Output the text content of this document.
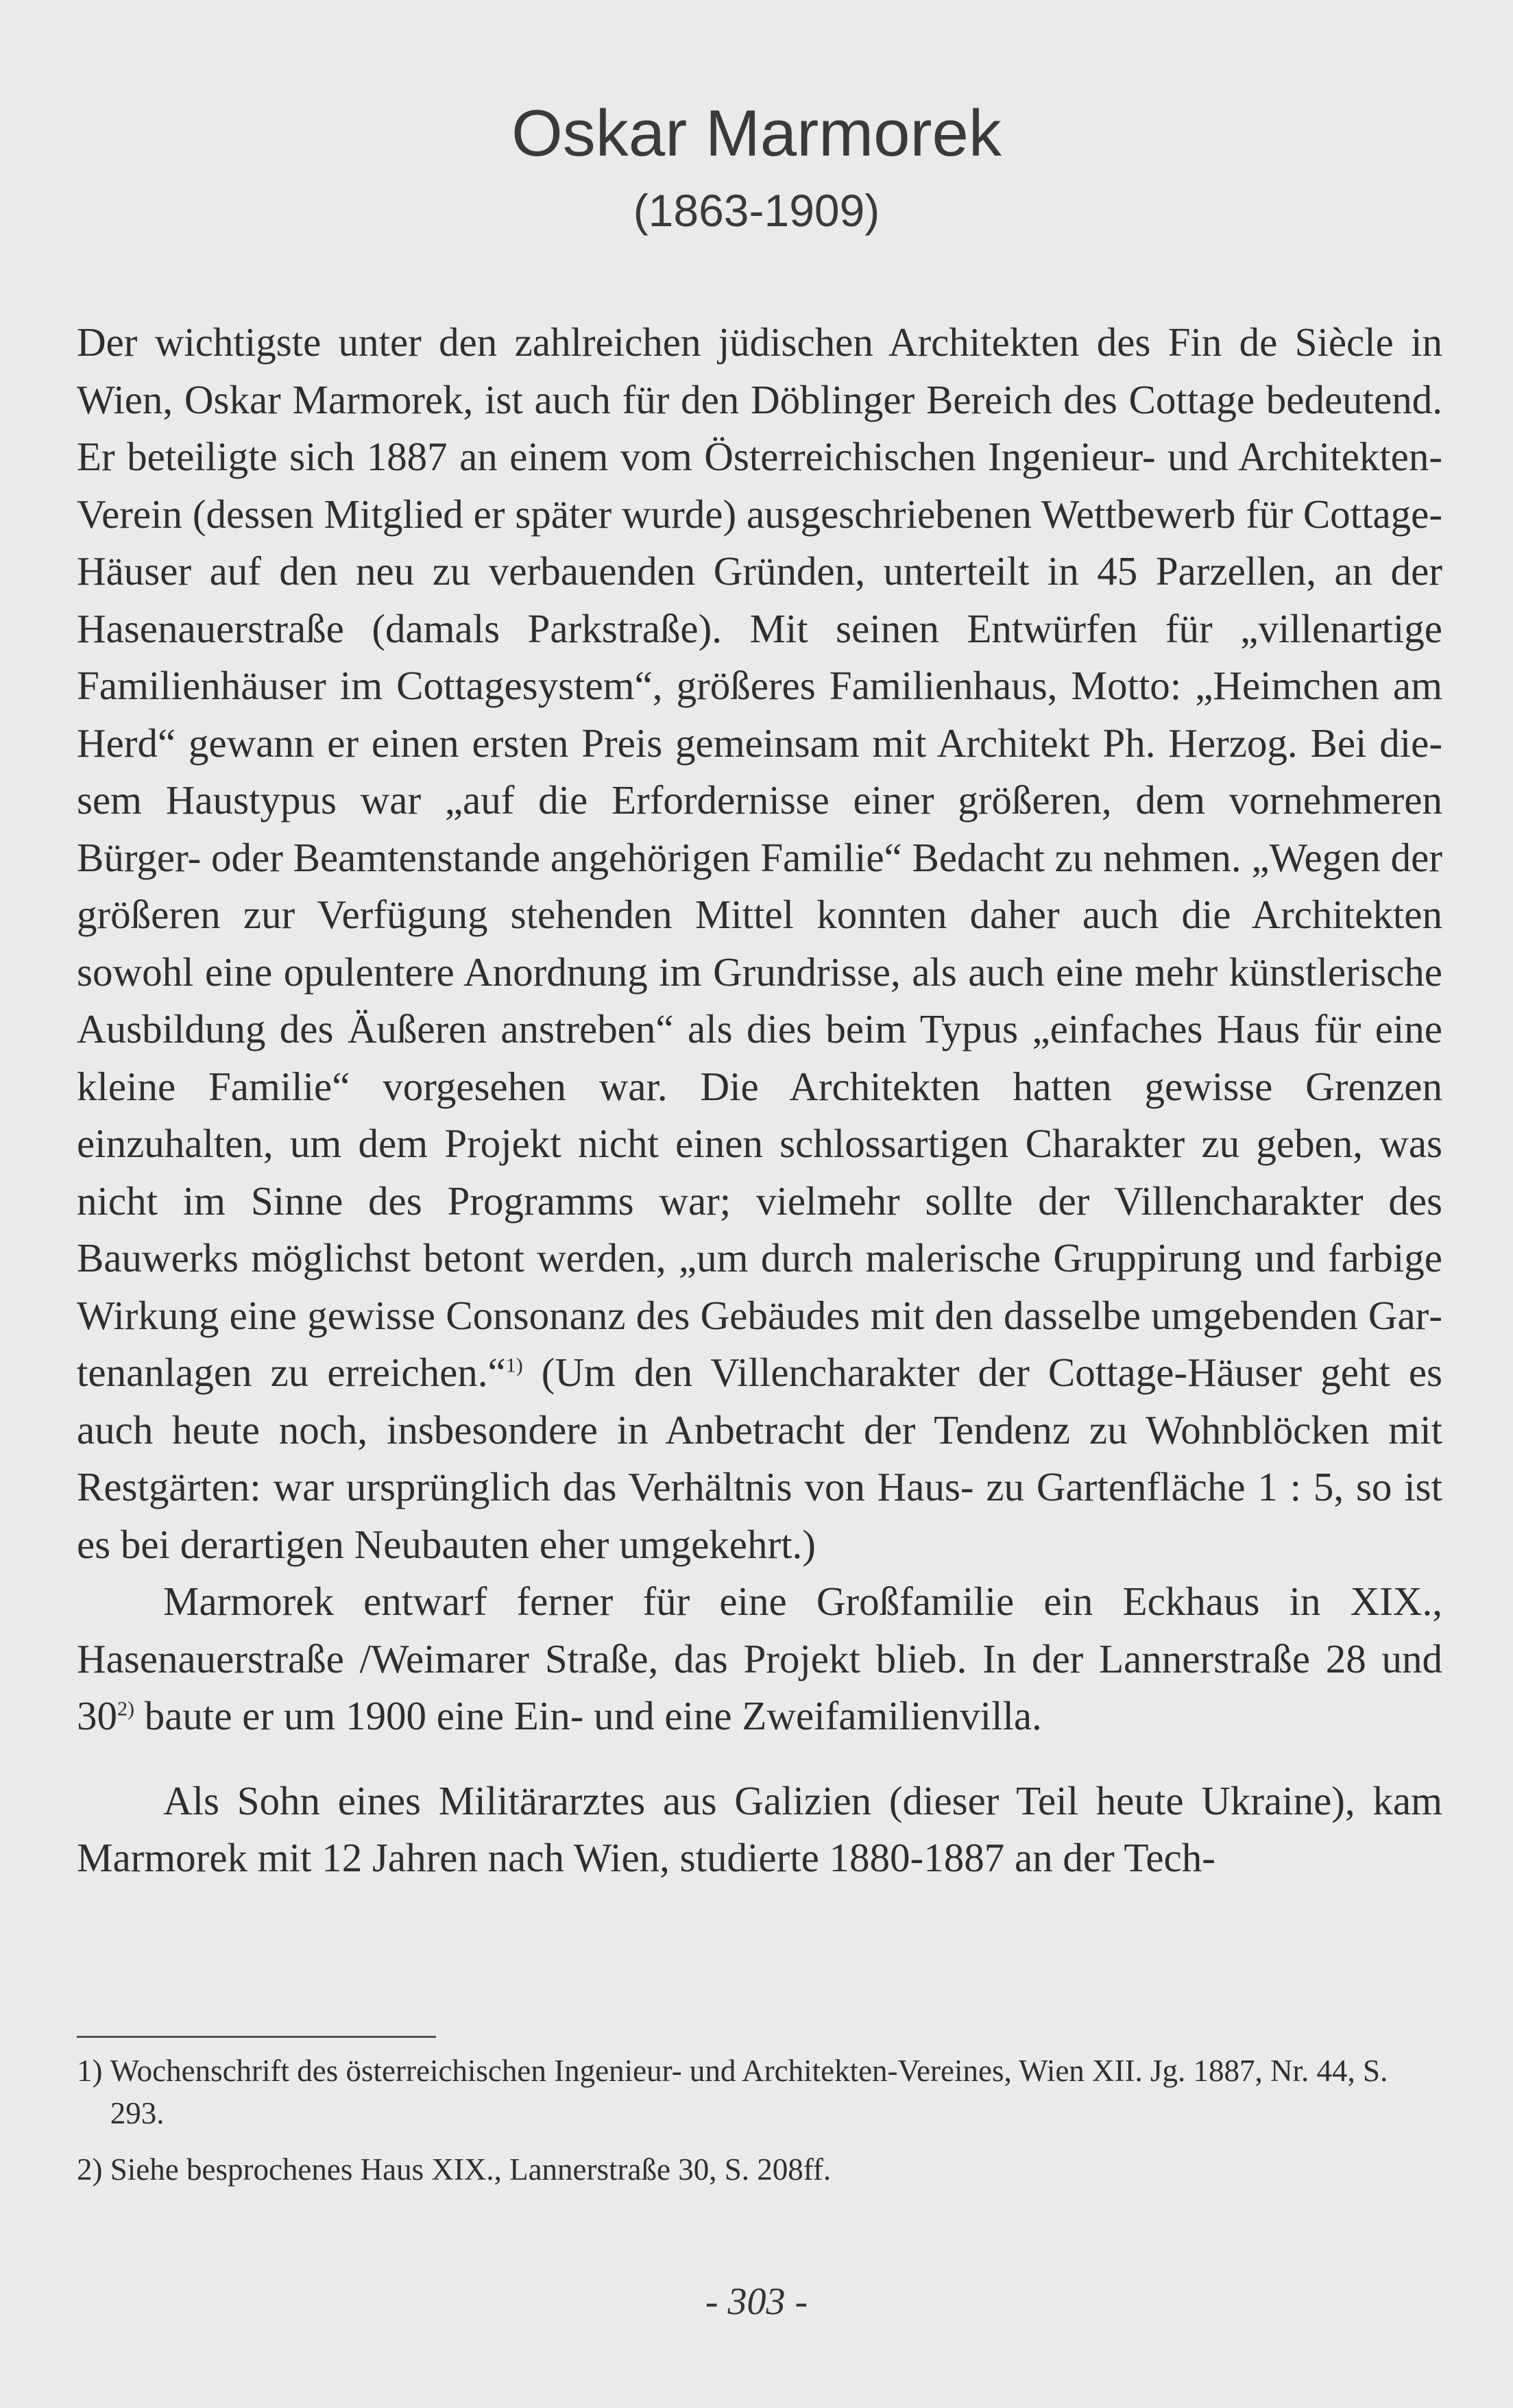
Oskar Marmorek
(1863-1909)

Der wichtigste unter den zahlreichen jüdischen Architekten des Fin de Siècle in Wien, Oskar Marmorek, ist auch für den Döblinger Bereich des Cottage bedeutend. Er beteiligte sich 1887 an einem vom Österreichischen Ingenieur- und Architekten-Verein (dessen Mitglied er später wurde) ausgeschriebenen Wettbewerb für Cottage-Häuser auf den neu zu verbauenden Gründen, unterteilt in 45 Parzellen, an der Hasenauerstraße (damals Parkstraße). Mit seinen Entwürfen für „villenartige Familienhäuser im Cottagesystem“, größeres Familienhaus, Motto: „Heimchen am Herd“ gewann er einen ersten Preis gemeinsam mit Architekt Ph. Herzog. Bei diesem Haustypus war „auf die Erfordernisse einer größeren, dem vornehmeren Bürger- oder Beamtenstande angehörigen Familie“ Bedacht zu nehmen. „Wegen der größeren zur Verfügung stehenden Mittel konnten daher auch die Architekten sowohl eine opulentere Anordnung im Grundrisse, als auch eine mehr künstlerische Ausbildung des Äußeren anstreben“ als dies beim Typus „einfaches Haus für eine kleine Familie“ vorgesehen war. Die Architekten hatten gewisse Grenzen einzuhalten, um dem Projekt nicht einen schlossartigen Charakter zu geben, was nicht im Sinne des Programms war; vielmehr sollte der Villencharakter des Bauwerks möglichst betont werden, „um durch malerische Gruppirung und farbige Wirkung eine gewisse Consonanz des Gebäudes mit den dasselbe umgebenden Gartenanlagen zu erreichen.“$^{1)}$ (Um den Villencharakter der Cottage-Häuser geht es auch heute noch, insbesondere in Anbetracht der Tendenz zu Wohnblöcken mit Restgärten: war ursprünglich das Verhältnis von Haus- zu Gartenfläche 1 : 5, so ist es bei derartigen Neubauten eher umgekehrt.)

Marmorek entwarf ferner für eine Großfamilie ein Eckhaus in XIX., Hasenauerstraße /Weimarer Straße, das Projekt blieb. In der Lannerstraße 28 und 30$^{2)}$ baute er um 1900 eine Ein- und eine Zweifamilienvilla.

Als Sohn eines Militärarztes aus Galizien (dieser Teil heute Ukraine), kam Marmorek mit 12 Jahren nach Wien, studierte 1880-1887 an der Tech-

1) Wochenschrift des österreichischen Ingenieur- und Architekten-Vereines, Wien XII. Jg. 1887, Nr. 44, S. 293.
2) Siehe besprochenes Haus XIX., Lannerstraße 30, S. 208ff.
- 303 -
